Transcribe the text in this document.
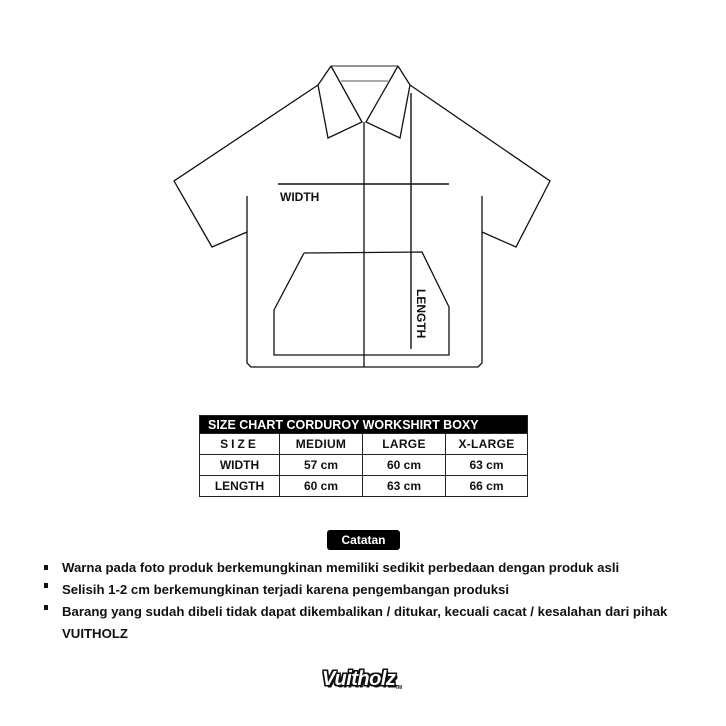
WIDTH
LENGTH
SIZE CHART CORDUROY WORKSHIRT BOXY			
SIZE	MEDIUM	LARGE	X-LARGE
WIDTH	57 cm	60 cm	63 cm
LENGTH	60 cm	63 cm	66 cm
Catatan
Warna pada foto produk berkemungkinan memiliki sedikit perbedaan dengan produk asli
Selisih 1-2 cm berkemungkinan terjadi karena pengembangan produksi
Barang yang sudah dibeli tidak dapat dikembalikan / ditukar, kecuali cacat / kesalahan dari pihak VUITHOLZ
VuitholzTM
